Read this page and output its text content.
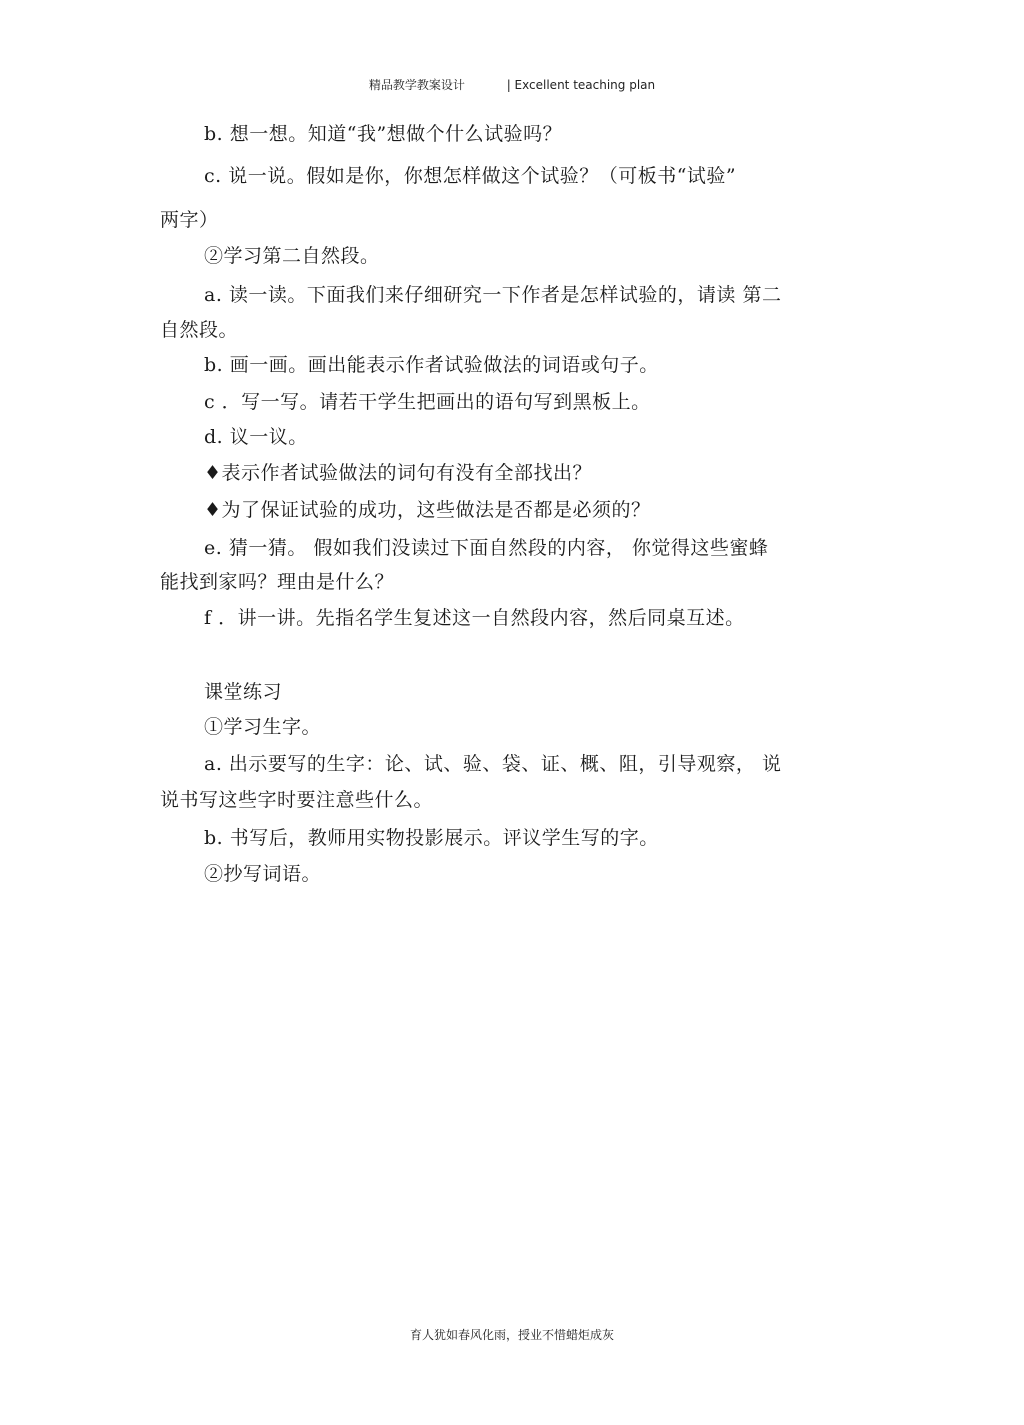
精品教学教案设计	| Excellent teaching plan
b. 想一想。知道“我”想做个什么试验吗？
c. 说一说。假如是你，你想怎样做这个试验？（可板书“试验”
两字）
②学习第二自然段。
a. 读一读。下面我们来仔细研究一下作者是怎样试验的，请读 第二
自然段。
b. 画一画。画出能表示作者试验做法的词语或句子。
c ．写一写。请若干学生把画出的语句写到黑板上。
d. 议一议。
♦表示作者试验做法的词句有没有全部找出？
♦为了保证试验的成功，这些做法是否都是必须的？
e. 猜一猜。 假如我们没读过下面自然段的内容， 你觉得这些蜜蜂
能找到家吗？理由是什么？
f ．讲一讲。先指名学生复述这一自然段内容，然后同桌互述。
课堂练习
①学习生字。
a. 出示要写的生字：论、试、验、袋、证、概、阻，引导观察， 说
说书写这些字时要注意些什么。
b. 书写后，教师用实物投影展示。评议学生写的字。
②抄写词语。
育人犹如春风化雨，授业不惜蜡炬成灰
